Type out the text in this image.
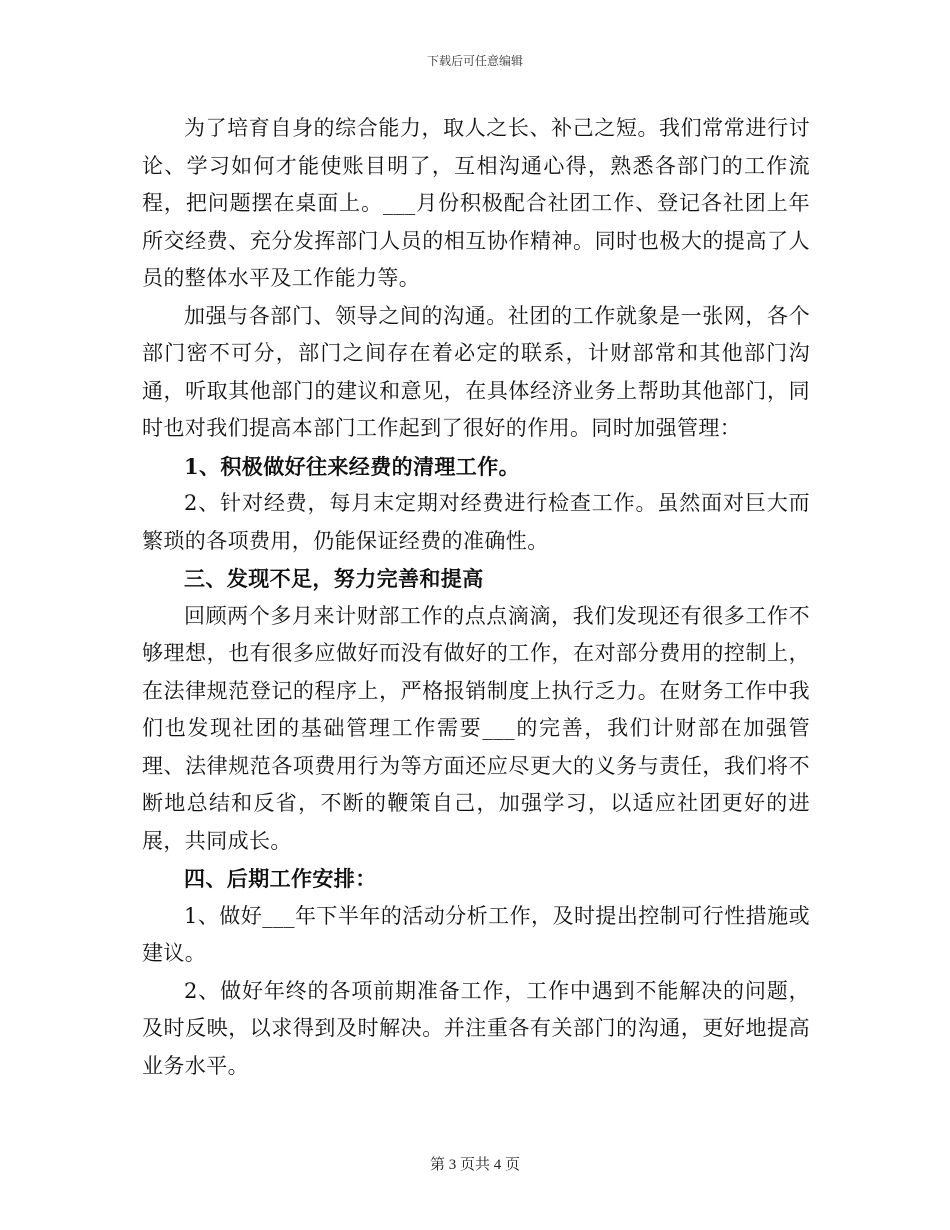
下载后可任意编辑

为了培育自身的综合能力，取人之长、补己之短。我们常常进行讨论、学习如何才能使账目明了，互相沟通心得，熟悉各部门的工作流程，把问题摆在桌面上。___月份积极配合社团工作、登记各社团上年所交经费、充分发挥部门人员的相互协作精神。同时也极大的提高了人员的整体水平及工作能力等。

加强与各部门、领导之间的沟通。社团的工作就象是一张网，各个部门密不可分，部门之间存在着必定的联系，计财部常和其他部门沟通，听取其他部门的建议和意见，在具体经济业务上帮助其他部门，同时也对我们提高本部门工作起到了很好的作用。同时加强管理：

1、积极做好往来经费的清理工作。

2、针对经费，每月末定期对经费进行检查工作。虽然面对巨大而繁琐的各项费用，仍能保证经费的准确性。

三、发现不足，努力完善和提高

回顾两个多月来计财部工作的点点滴滴，我们发现还有很多工作不够理想，也有很多应做好而没有做好的工作，在对部分费用的控制上，在法律规范登记的程序上，严格报销制度上执行乏力。在财务工作中我们也发现社团的基础管理工作需要___的完善，我们计财部在加强管理、法律规范各项费用行为等方面还应尽更大的义务与责任，我们将不断地总结和反省，不断的鞭策自己，加强学习，以适应社团更好的进展，共同成长。

四、后期工作安排：

1、做好___年下半年的活动分析工作，及时提出控制可行性措施或建议。

2、做好年终的各项前期准备工作，工作中遇到不能解决的问题，及时反映，以求得到及时解决。并注重各有关部门的沟通，更好地提高业务水平。

第 3 页共 4 页
